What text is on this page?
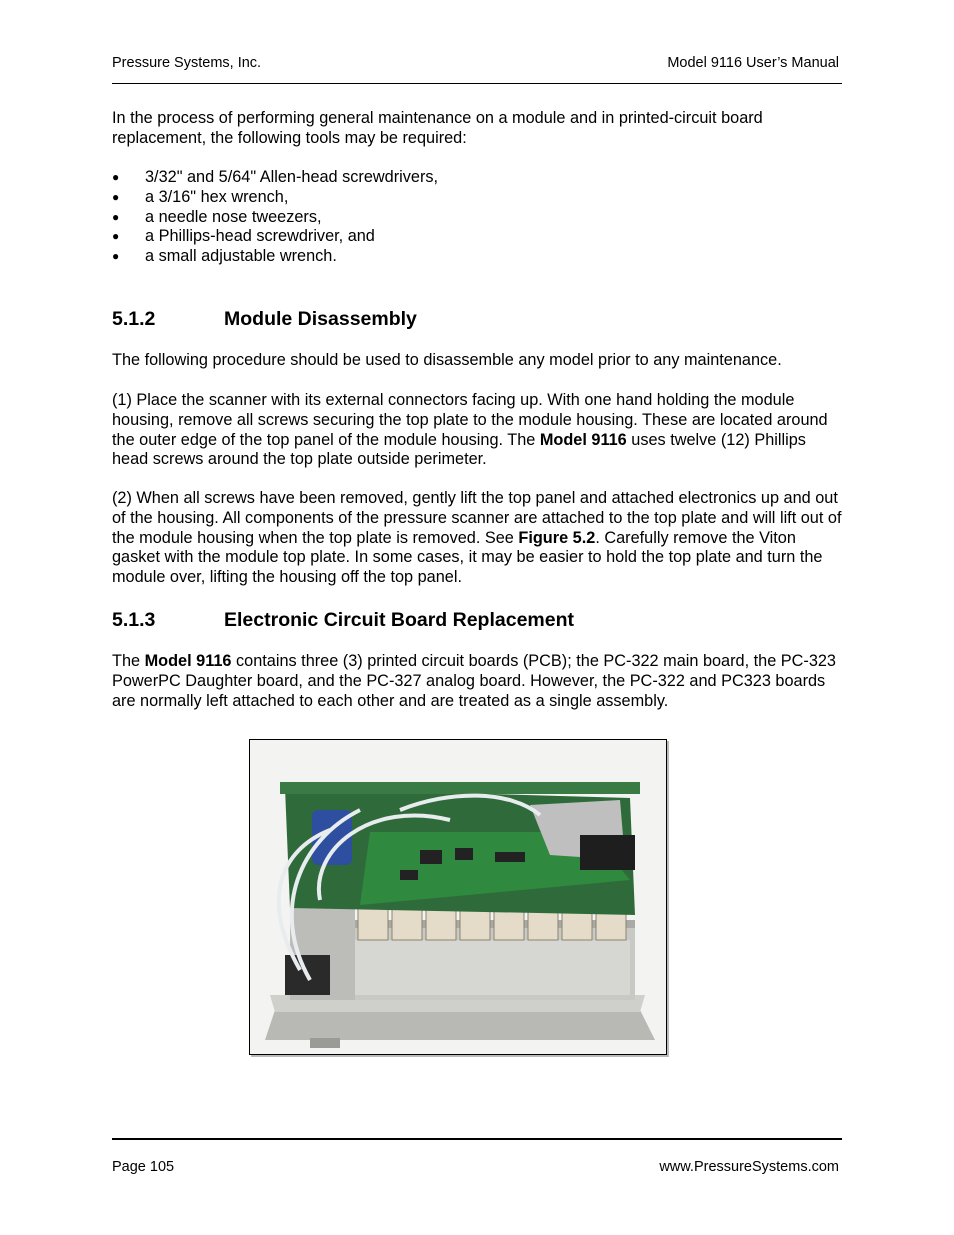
Pressure Systems, Inc.	Model 9116 User’s Manual
In the process of performing general maintenance on a module and in printed-circuit board replacement, the following tools may be required:
● 3/32" and 5/64" Allen-head screwdrivers,
● a 3/16" hex wrench,
● a needle nose tweezers,
● a Phillips-head screwdriver, and
● a small adjustable wrench.
5.1.2	Module Disassembly
The following procedure should be used to disassemble any model prior to any maintenance.
(1) Place the scanner with its external connectors facing up. With one hand holding the module housing, remove all screws securing the top plate to the module housing. These are located around the outer edge of the top panel of the module housing. The Model 9116 uses twelve (12) Phillips head screws around the top plate outside perimeter.
(2) When all screws have been removed, gently lift the top panel and attached electronics up and out of the housing. All components of the pressure scanner are attached to the top plate and will lift out of the module housing when the top plate is removed. See Figure 5.2. Carefully remove the Viton gasket with the module top plate. In some cases, it may be easier to hold the top plate and turn the module over, lifting the housing off the top panel.
5.1.3	Electronic Circuit Board Replacement
The Model 9116 contains three (3) printed circuit boards (PCB); the PC-322 main board, the PC-323 PowerPC Daughter board, and the PC-327 analog board. However, the PC-322 and PC323 boards are normally left attached to each other and are treated as a single assembly.
Page 105	www.PressureSystems.com
